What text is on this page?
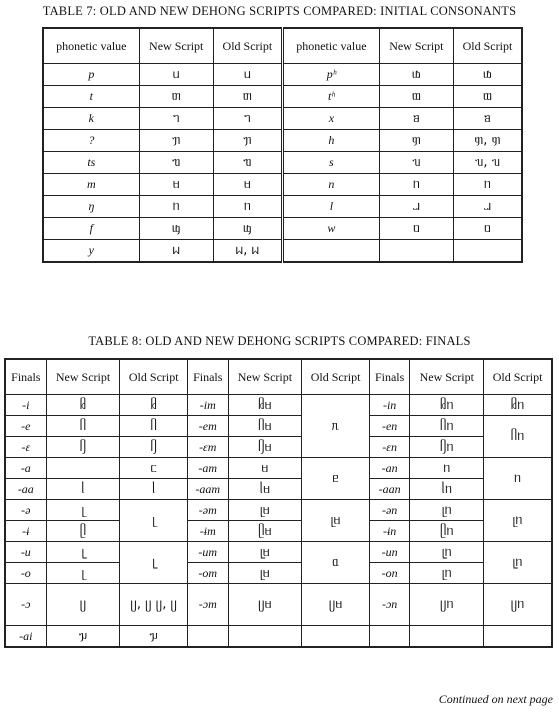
TABLE 7: OLD AND NEW DEHONG SCRIPTS COMPARED: INITIAL CONSONANTS
phonetic value	New Script	Old Script	phonetic value	New Script	Old Script
p	ᥙ	ᥙ	pʰ	ᥚ	ᥚ
t	ᥖ	ᥖ	tʰ	ᥗ	ᥗ
k	ᥐ	ᥐ	x	ᥑ	ᥑ
?	ᥟ	ᥟ	h	ᥞ	ᥞ, ᥞ
ts	ᥓ	ᥓ	s	ᥔ	ᥔ, ᥔ
m	ᥛ	ᥛ	n	ᥒ	ᥒ
ŋ	ᥒ	ᥒ	l	ᥘ	ᥘ
f	ᥜ	ᥜ	w	ᥝ	ᥝ
y	ᥕ	ᥕ, ᥕ			
TABLE 8: OLD AND NEW DEHONG SCRIPTS COMPARED: FINALS
Finals	New Script	Old Script	Finals	New Script	Old Script	Finals	New Script	Old Script
-i	ᥤ	ᥤ	-im	ᥤᥛ	ᥰ	-in	ᥤᥒ	ᥤᥒ
-e	ᥥ	ᥥ	-em	ᥥᥛ		-en	ᥥᥒ	ᥥᥒ
-ɛ	ᥦ	ᥦ	-ɛm	ᥦᥛ		-ɛn	ᥦᥒ	
-a		ᥴ	-am	ᥛ	ᥱ	-an	ᥒ	ᥒ
-aa	ᥣ	ᥣ	-aam	ᥣᥛ		-aan	ᥣᥒ	
-ə	ᥨ	ᥨ	-əm	ᥨᥛ	ᥨᥛ	-ən	ᥨᥒ	ᥨᥒ
-ɨ	ᥫ		-ɨm	ᥫᥛ		-ɨn	ᥫᥒ	
-u	ᥧ	ᥧ	-um	ᥧᥛ	ᥲ	-un	ᥧᥒ	ᥧᥒ
-o	ᥨ		-om	ᥨᥛ		-on	ᥨᥒ	
-ɔ	ᥩ	ᥩ, ᥩ ᥩ, ᥩ	-ɔm	ᥩᥛ	ᥩᥛ	-ɔn	ᥩᥒ	ᥩᥒ
-ai	ᥭ	ᥭ						
Continued on next page
